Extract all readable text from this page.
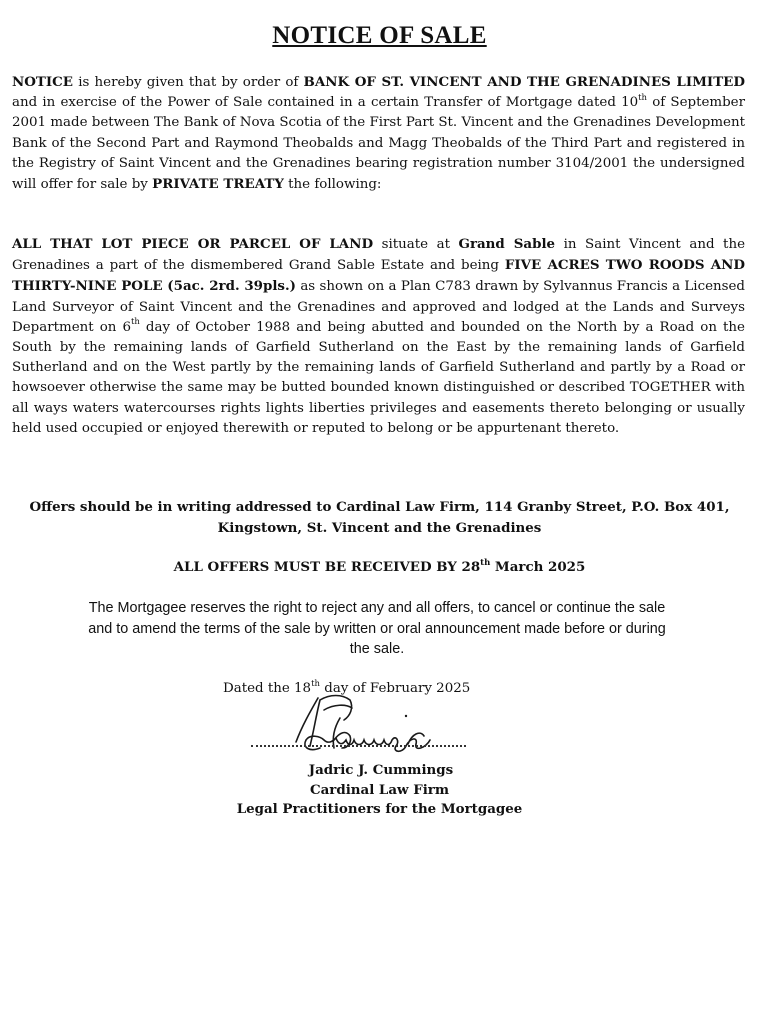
NOTICE OF SALE
NOTICE is hereby given that by order of BANK OF ST. VINCENT AND THE GRENADINES LIMITED and in exercise of the Power of Sale contained in a certain Transfer of Mortgage dated 10th of September 2001 made between The Bank of Nova Scotia of the First Part St. Vincent and the Grenadines Development Bank of the Second Part and Raymond Theobalds and Magg Theobalds of the Third Part and registered in the Registry of Saint Vincent and the Grenadines bearing registration number 3104/2001 the undersigned will offer for sale by PRIVATE TREATY the following:
ALL THAT LOT PIECE OR PARCEL OF LAND situate at Grand Sable in Saint Vincent and the Grenadines a part of the dismembered Grand Sable Estate and being FIVE ACRES TWO ROODS AND THIRTY-NINE POLE (5ac. 2rd. 39pls.) as shown on a Plan C783 drawn by Sylvannus Francis a Licensed Land Surveyor of Saint Vincent and the Grenadines and approved and lodged at the Lands and Surveys Department on 6th day of October 1988 and being abutted and bounded on the North by a Road on the South by the remaining lands of Garfield Sutherland on the East by the remaining lands of Garfield Sutherland and on the West partly by the remaining lands of Garfield Sutherland and partly by a Road or howsoever otherwise the same may be butted bounded known distinguished or described TOGETHER with all ways waters watercourses rights lights liberties privileges and easements thereto belonging or usually held used occupied or enjoyed therewith or reputed to belong or be appurtenant thereto.
Offers should be in writing addressed to Cardinal Law Firm, 114 Granby Street, P.O. Box 401,
Kingstown, St. Vincent and the Grenadines
ALL OFFERS MUST BE RECEIVED BY 28th March 2025
The Mortgagee reserves the right to reject any and all offers, to cancel or continue the sale
and to amend the terms of the sale by written or oral announcement made before or during
the sale.
Dated the 18th day of February 2025
Jadric J. Cummings
Cardinal Law Firm
Legal Practitioners for the Mortgagee
